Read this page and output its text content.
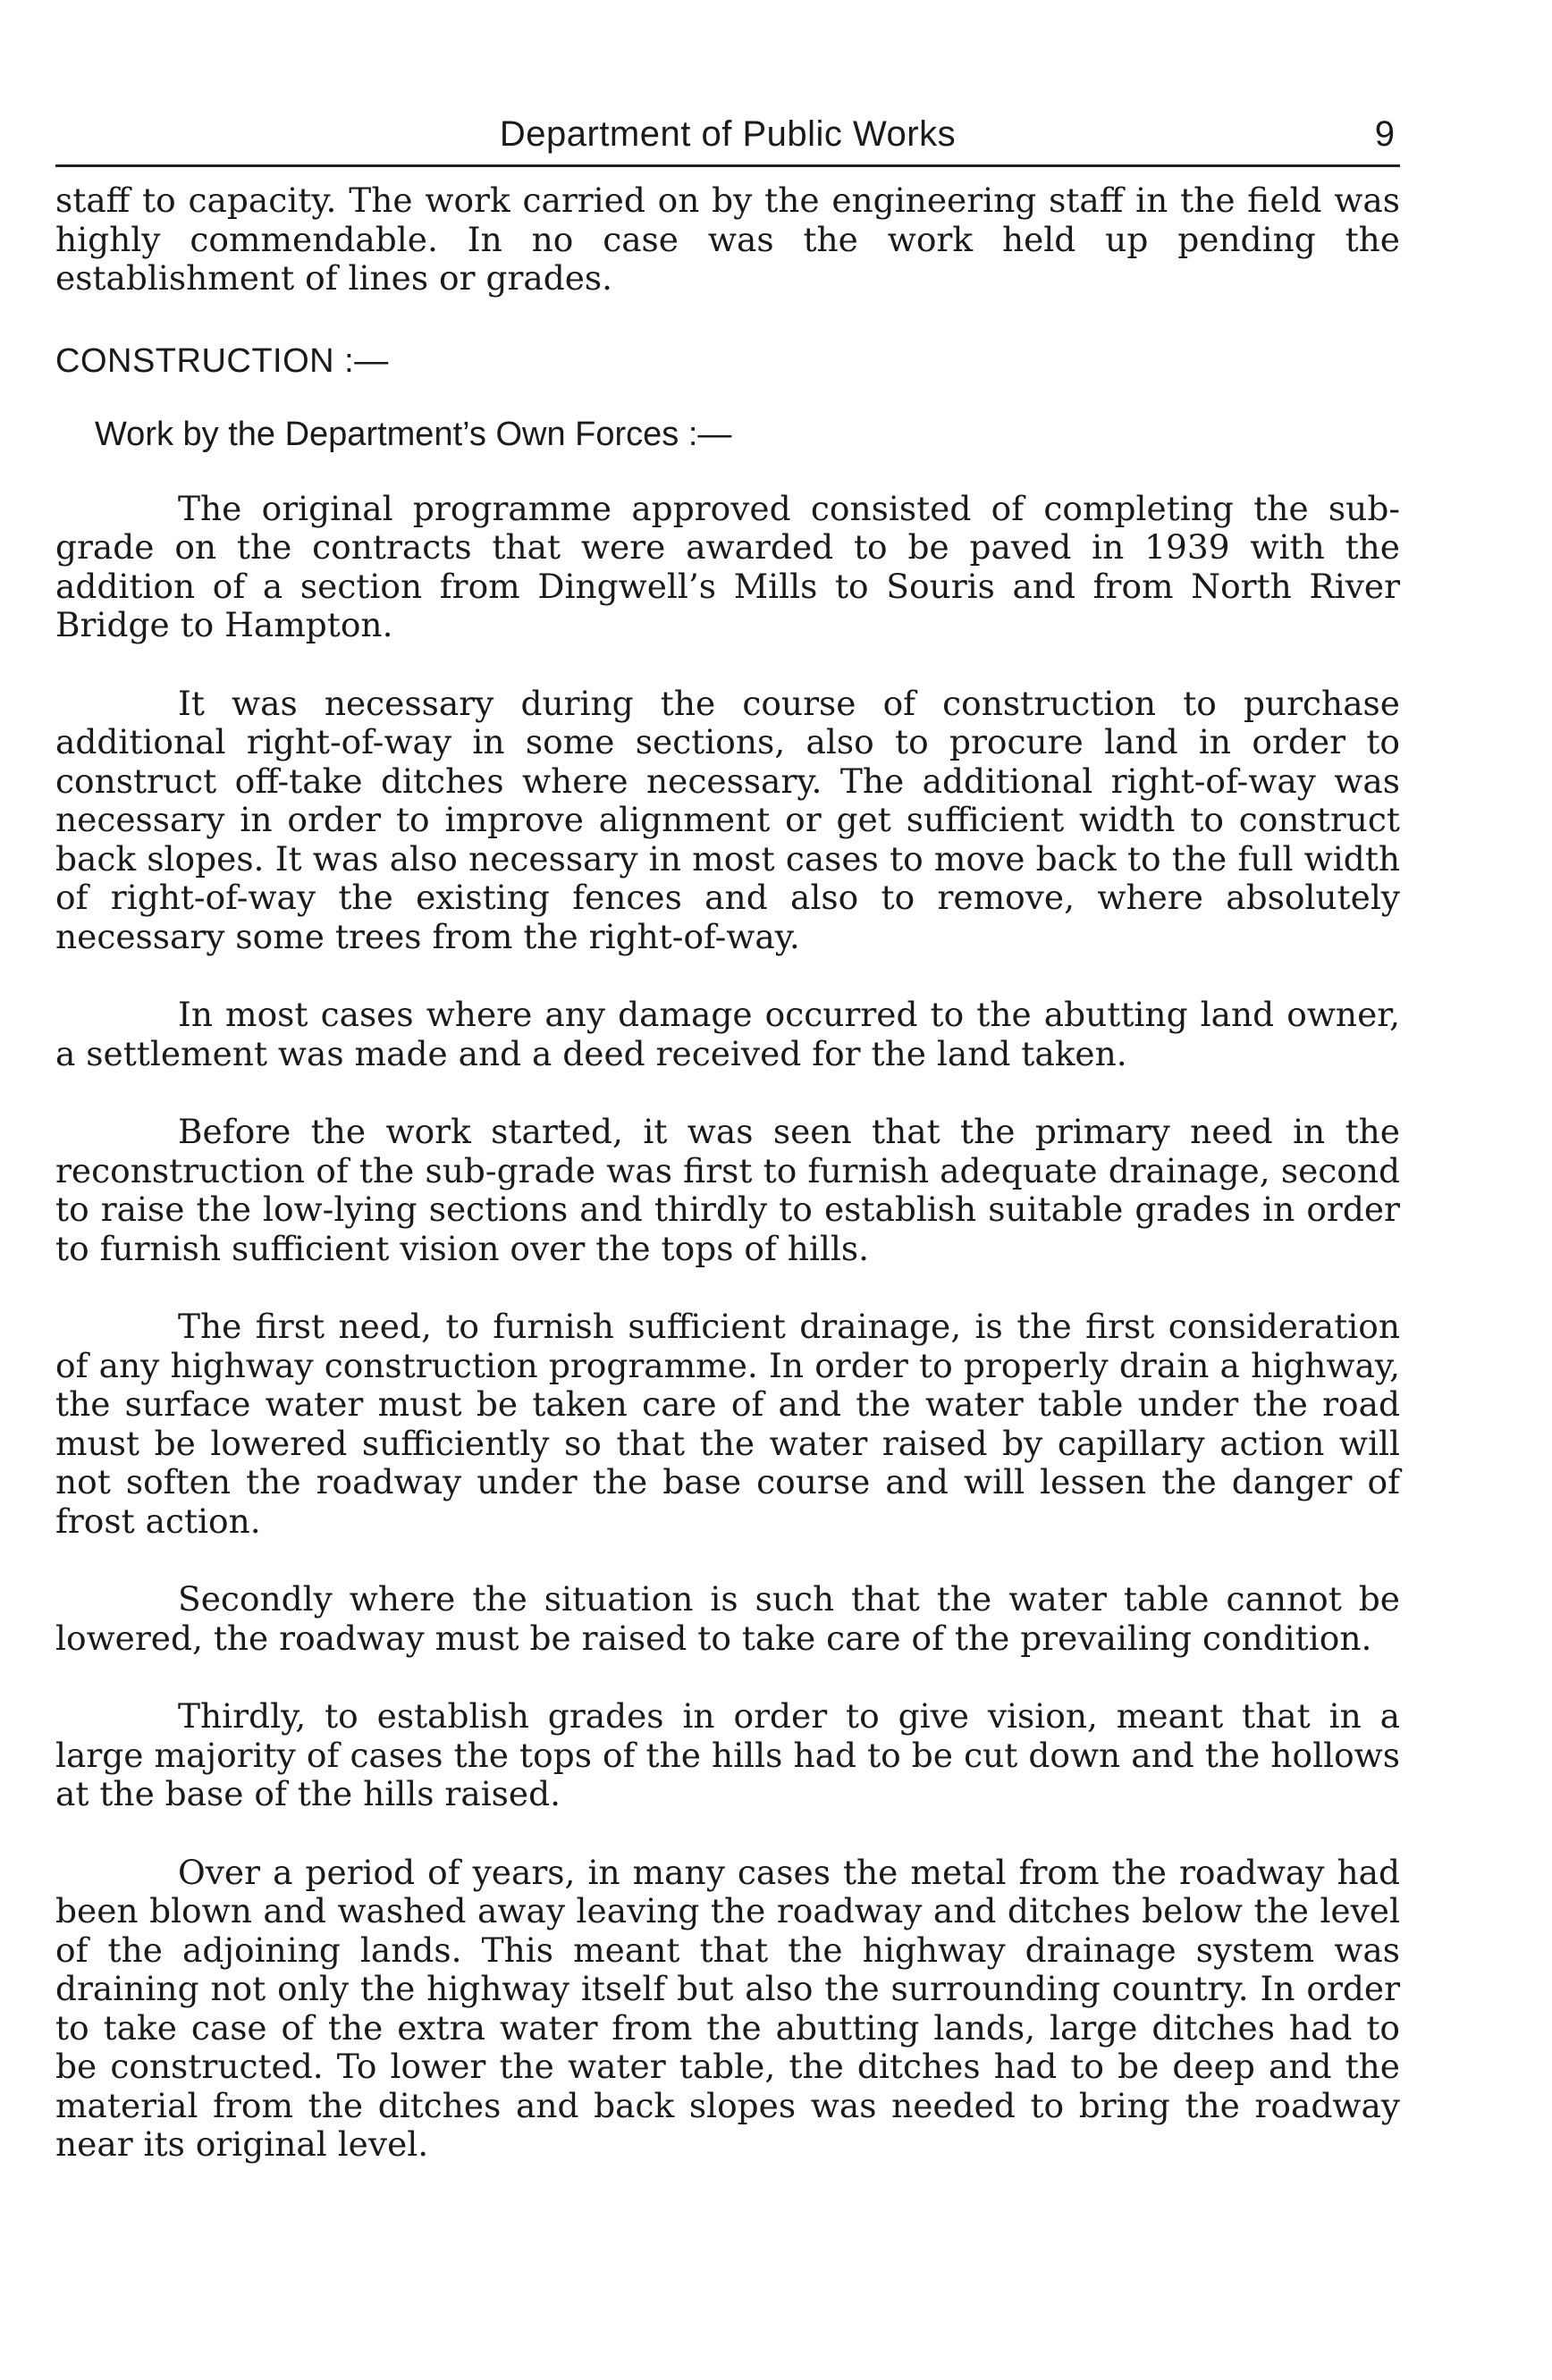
Department of Public Works	9

staff to capacity. The work carried on by the engineering staff in the field was highly commendable. In no case was the work held up pending the establishment of lines or grades.

CONSTRUCTION :—
Work by the Department’s Own Forces :—

The original programme approved consisted of completing the sub-grade on the contracts that were awarded to be paved in 1939 with the addition of a section from Dingwell’s Mills to Souris and from North River Bridge to Hampton.

It was necessary during the course of construction to purchase additional right-of-way in some sections, also to procure land in order to construct off-take ditches where necessary. The additional right-of-way was necessary in order to improve alignment or get sufficient width to construct back slopes. It was also necessary in most cases to move back to the full width of right-of-way the existing fences and also to remove, where absolutely necessary some trees from the right-of-way.

In most cases where any damage occurred to the abutting land owner, a settlement was made and a deed received for the land taken.

Before the work started, it was seen that the primary need in the reconstruction of the sub-grade was first to furnish adequate drainage, second to raise the low-lying sections and thirdly to establish suitable grades in order to furnish sufficient vision over the tops of hills.

The first need, to furnish sufficient drainage, is the first consideration of any highway construction programme. In order to properly drain a highway, the surface water must be taken care of and the water table under the road must be lowered sufficiently so that the water raised by capillary action will not soften the roadway under the base course and will lessen the danger of frost action.

Secondly where the situation is such that the water table cannot be lowered, the roadway must be raised to take care of the prevailing condition.

Thirdly, to establish grades in order to give vision, meant that in a large majority of cases the tops of the hills had to be cut down and the hollows at the base of the hills raised.

Over a period of years, in many cases the metal from the roadway had been blown and washed away leaving the roadway and ditches below the level of the adjoining lands. This meant that the highway drainage system was draining not only the highway itself but also the surrounding country. In order to take case of the extra water from the abutting lands, large ditches had to be constructed. To lower the water table, the ditches had to be deep and the material from the ditches and back slopes was needed to bring the roadway near its original level.
